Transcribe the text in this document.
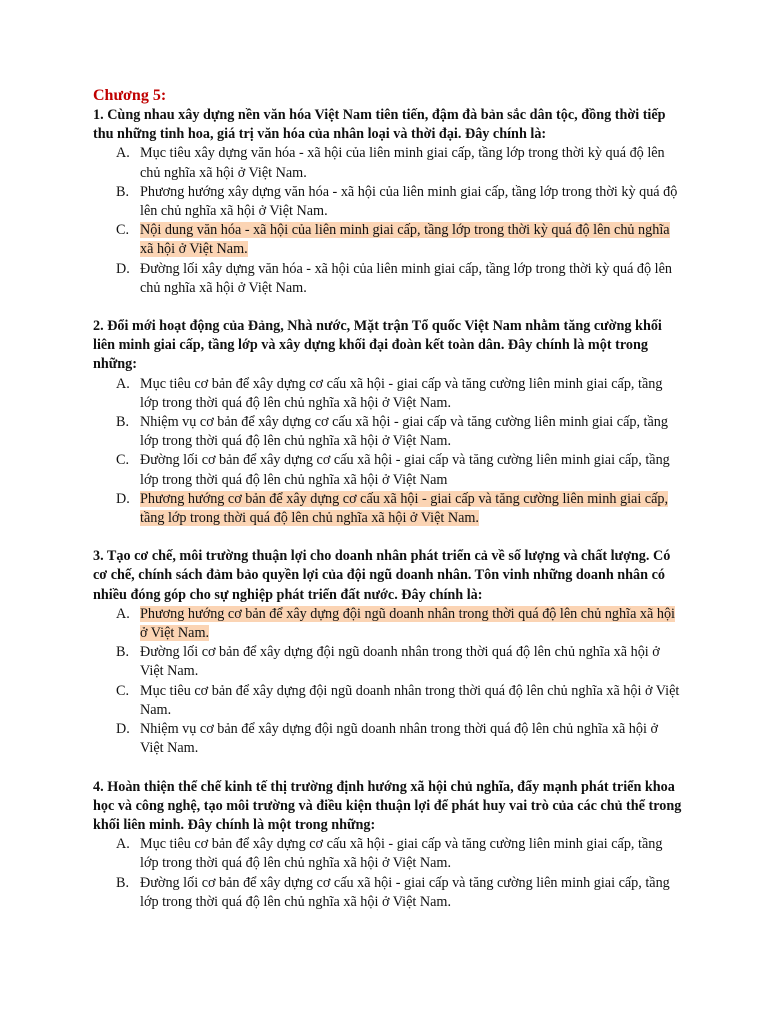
Chương 5:

1. Cùng nhau xây dựng nền văn hóa Việt Nam tiên tiến, đậm đà bản sắc dân tộc, đồng thời tiếp thu những tinh hoa, giá trị văn hóa của nhân loại và thời đại. Đây chính là:

A. Mục tiêu xây dựng văn hóa - xã hội của liên minh giai cấp, tầng lớp trong thời kỳ quá độ lên chủ nghĩa xã hội ở Việt Nam.
B. Phương hướng xây dựng văn hóa - xã hội của liên minh giai cấp, tầng lớp trong thời kỳ quá độ lên chủ nghĩa xã hội ở Việt Nam.
C. Nội dung văn hóa - xã hội của liên minh giai cấp, tầng lớp trong thời kỳ quá độ lên chủ nghĩa xã hội ở Việt Nam.
D. Đường lối xây dựng văn hóa - xã hội của liên minh giai cấp, tầng lớp trong thời kỳ quá độ lên chủ nghĩa xã hội ở Việt Nam.

2. Đổi mới hoạt động của Đảng, Nhà nước, Mặt trận Tổ quốc Việt Nam nhằm tăng cường khối liên minh giai cấp, tầng lớp và xây dựng khối đại đoàn kết toàn dân. Đây chính là một trong những:

A. Mục tiêu cơ bản để xây dựng cơ cấu xã hội - giai cấp và tăng cường liên minh giai cấp, tầng lớp trong thời quá độ lên chủ nghĩa xã hội ở Việt Nam.
B. Nhiệm vụ cơ bản để xây dựng cơ cấu xã hội - giai cấp và tăng cường liên minh giai cấp, tầng lớp trong thời quá độ lên chủ nghĩa xã hội ở Việt Nam.
C. Đường lối cơ bản để xây dựng cơ cấu xã hội - giai cấp và tăng cường liên minh giai cấp, tầng lớp trong thời quá độ lên chủ nghĩa xã hội ở Việt Nam
D. Phương hướng cơ bản để xây dựng cơ cấu xã hội - giai cấp và tăng cường liên minh giai cấp, tầng lớp trong thời quá độ lên chủ nghĩa xã hội ở Việt Nam.

3. Tạo cơ chế, môi trường thuận lợi cho doanh nhân phát triển cả về số lượng và chất lượng. Có cơ chế, chính sách đảm bảo quyền lợi của đội ngũ doanh nhân. Tôn vinh những doanh nhân có nhiều đóng góp cho sự nghiệp phát triển đất nước. Đây chính là:

A. Phương hướng cơ bản để xây dựng đội ngũ doanh nhân trong thời quá độ lên chủ nghĩa xã hội ở Việt Nam.
B. Đường lối cơ bản để xây dựng đội ngũ doanh nhân trong thời quá độ lên chủ nghĩa xã hội ở Việt Nam.
C. Mục tiêu cơ bản để xây dựng đội ngũ doanh nhân trong thời quá độ lên chủ nghĩa xã hội ở Việt Nam.
D. Nhiệm vụ cơ bản để xây dựng đội ngũ doanh nhân trong thời quá độ lên chủ nghĩa xã hội ở Việt Nam.

4. Hoàn thiện thể chế kinh tế thị trường định hướng xã hội chủ nghĩa, đẩy mạnh phát triển khoa học và công nghệ, tạo môi trường và điều kiện thuận lợi để phát huy vai trò của các chủ thể trong khối liên minh. Đây chính là một trong những:

A. Mục tiêu cơ bản để xây dựng cơ cấu xã hội - giai cấp và tăng cường liên minh giai cấp, tầng lớp trong thời quá độ lên chủ nghĩa xã hội ở Việt Nam.
B. Đường lối cơ bản để xây dựng cơ cấu xã hội - giai cấp và tăng cường liên minh giai cấp, tầng lớp trong thời quá độ lên chủ nghĩa xã hội ở Việt Nam.
